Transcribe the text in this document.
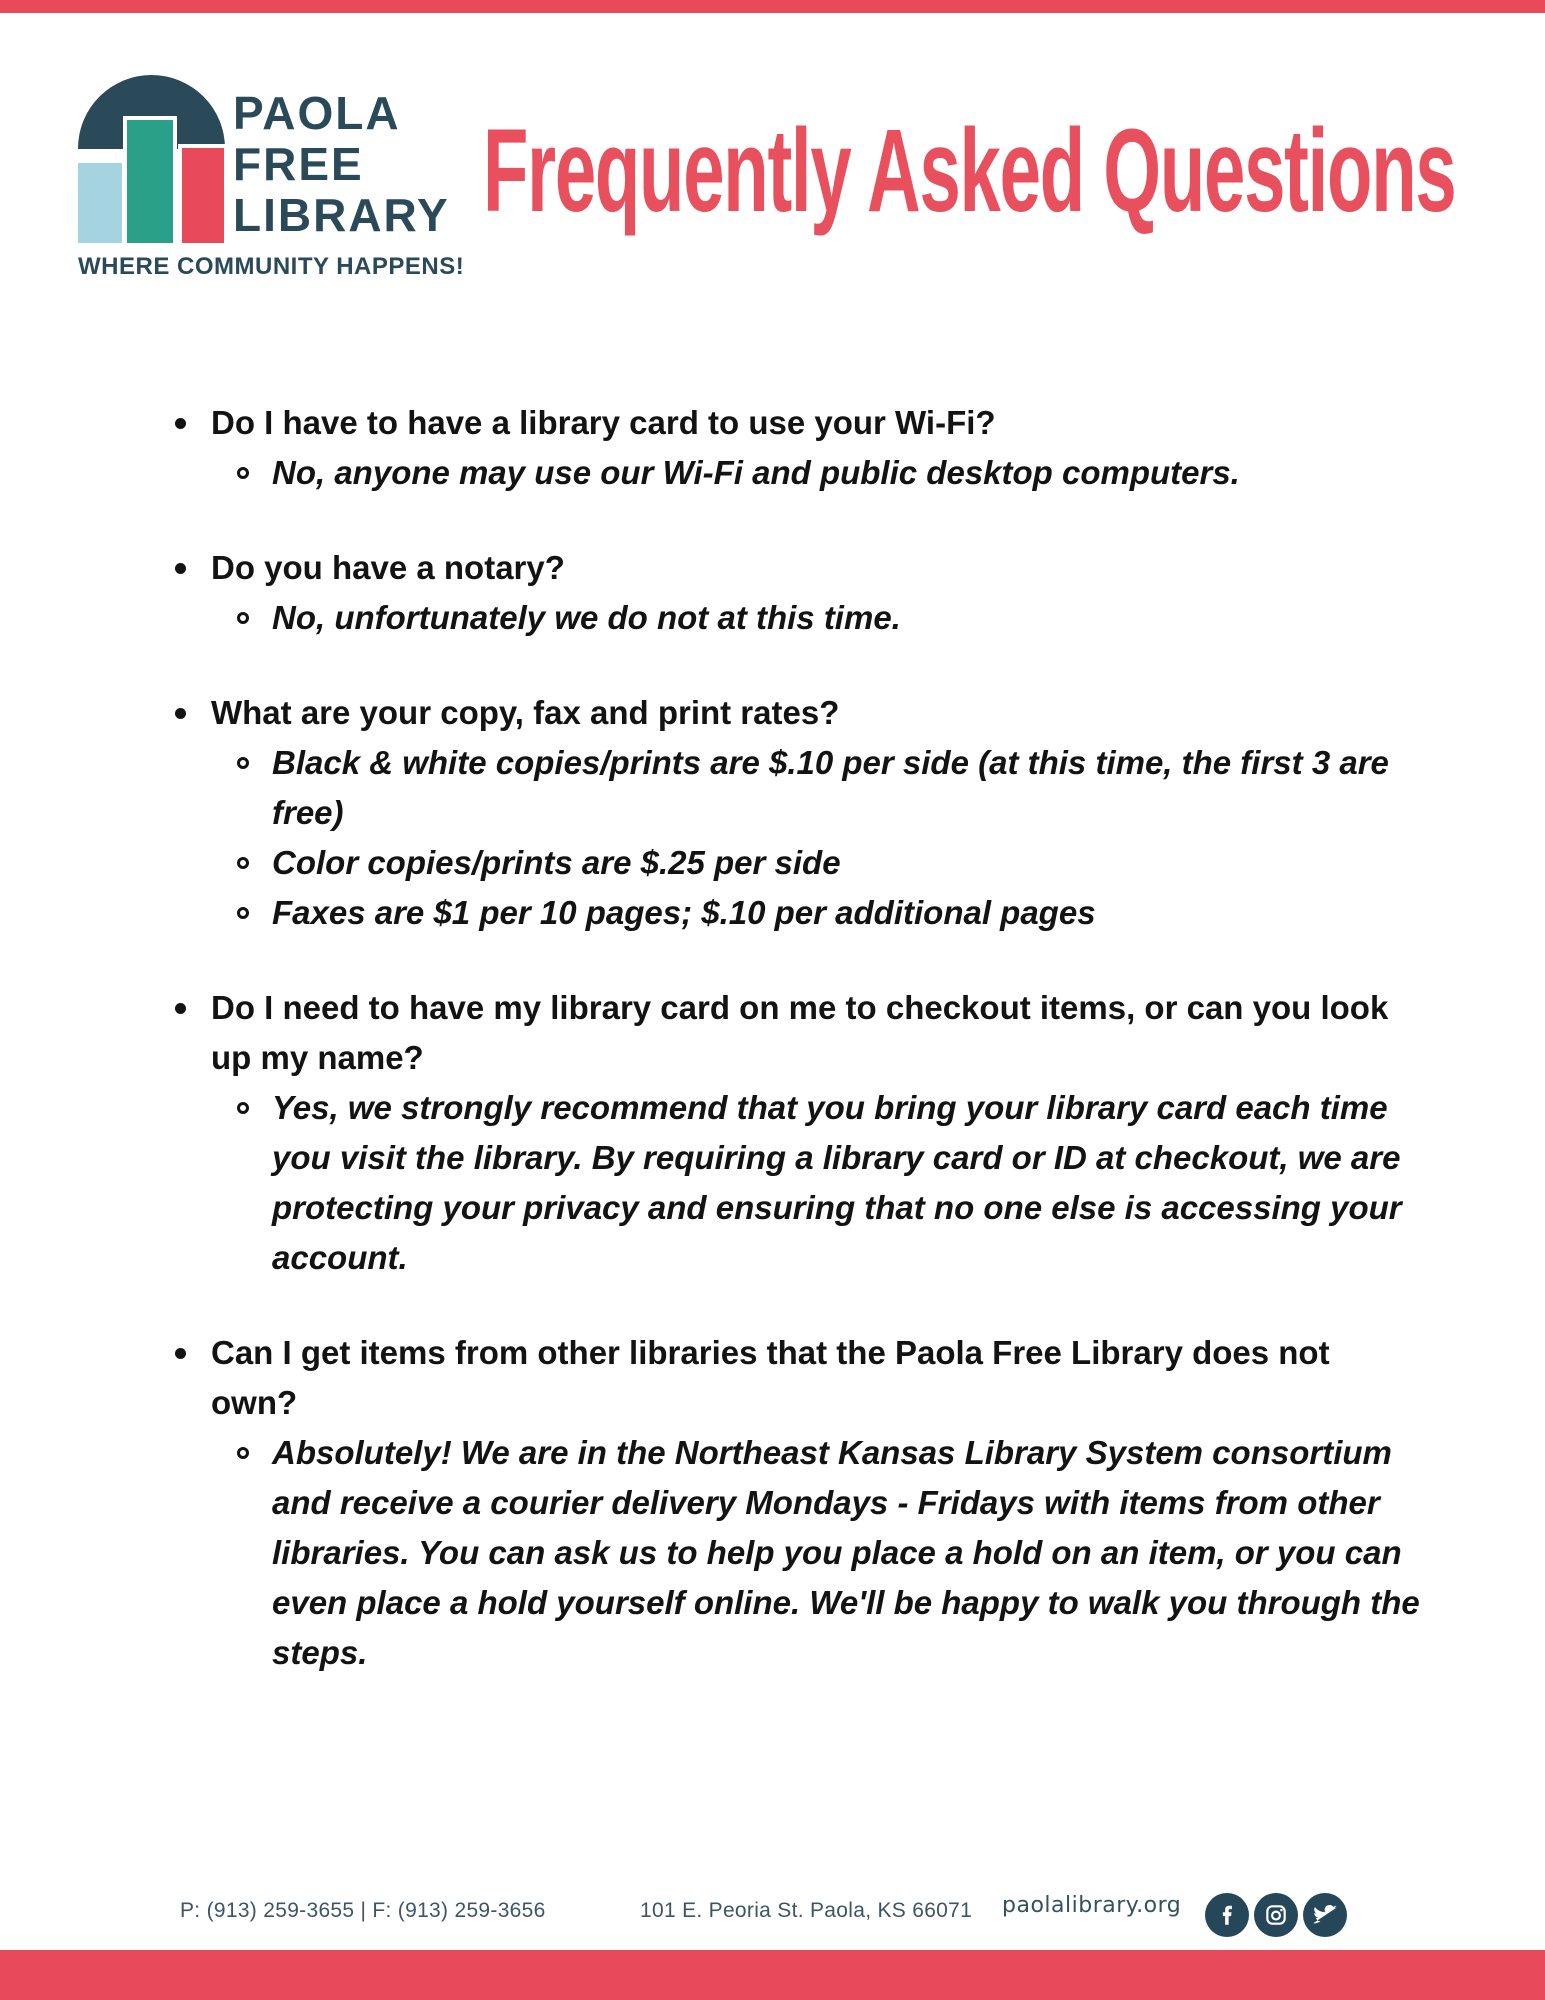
PAOLA
FREE
LIBRARY
WHERE COMMUNITY HAPPENS!
Frequently Asked Questions
Do I have to have a library card to use your Wi-Fi?
No, anyone may use our Wi-Fi and public desktop computers.
Do you have a notary?
No, unfortunately we do not at this time.
What are your copy, fax and print rates?
Black & white copies/prints are $.10 per side (at this time, the first 3 are free)
Color copies/prints are $.25 per side
Faxes are $1 per 10 pages; $.10 per additional pages
Do I need to have my library card on me to checkout items, or can you look up my name?
Yes, we strongly recommend that you bring your library card each time you visit the library. By requiring a library card or ID at checkout, we are protecting your privacy and ensuring that no one else is accessing your account.
Can I get items from other libraries that the Paola Free Library does not own?
Absolutely! We are in the Northeast Kansas Library System consortium and receive a courier delivery Mondays - Fridays with items from other libraries. You can ask us to help you place a hold on an item, or you can even place a hold yourself online. We'll be happy to walk you through the steps.
P: (913) 259-3655 | F: (913) 259-3656	101 E. Peoria St. Paola, KS 66071 paolalibrary.org
